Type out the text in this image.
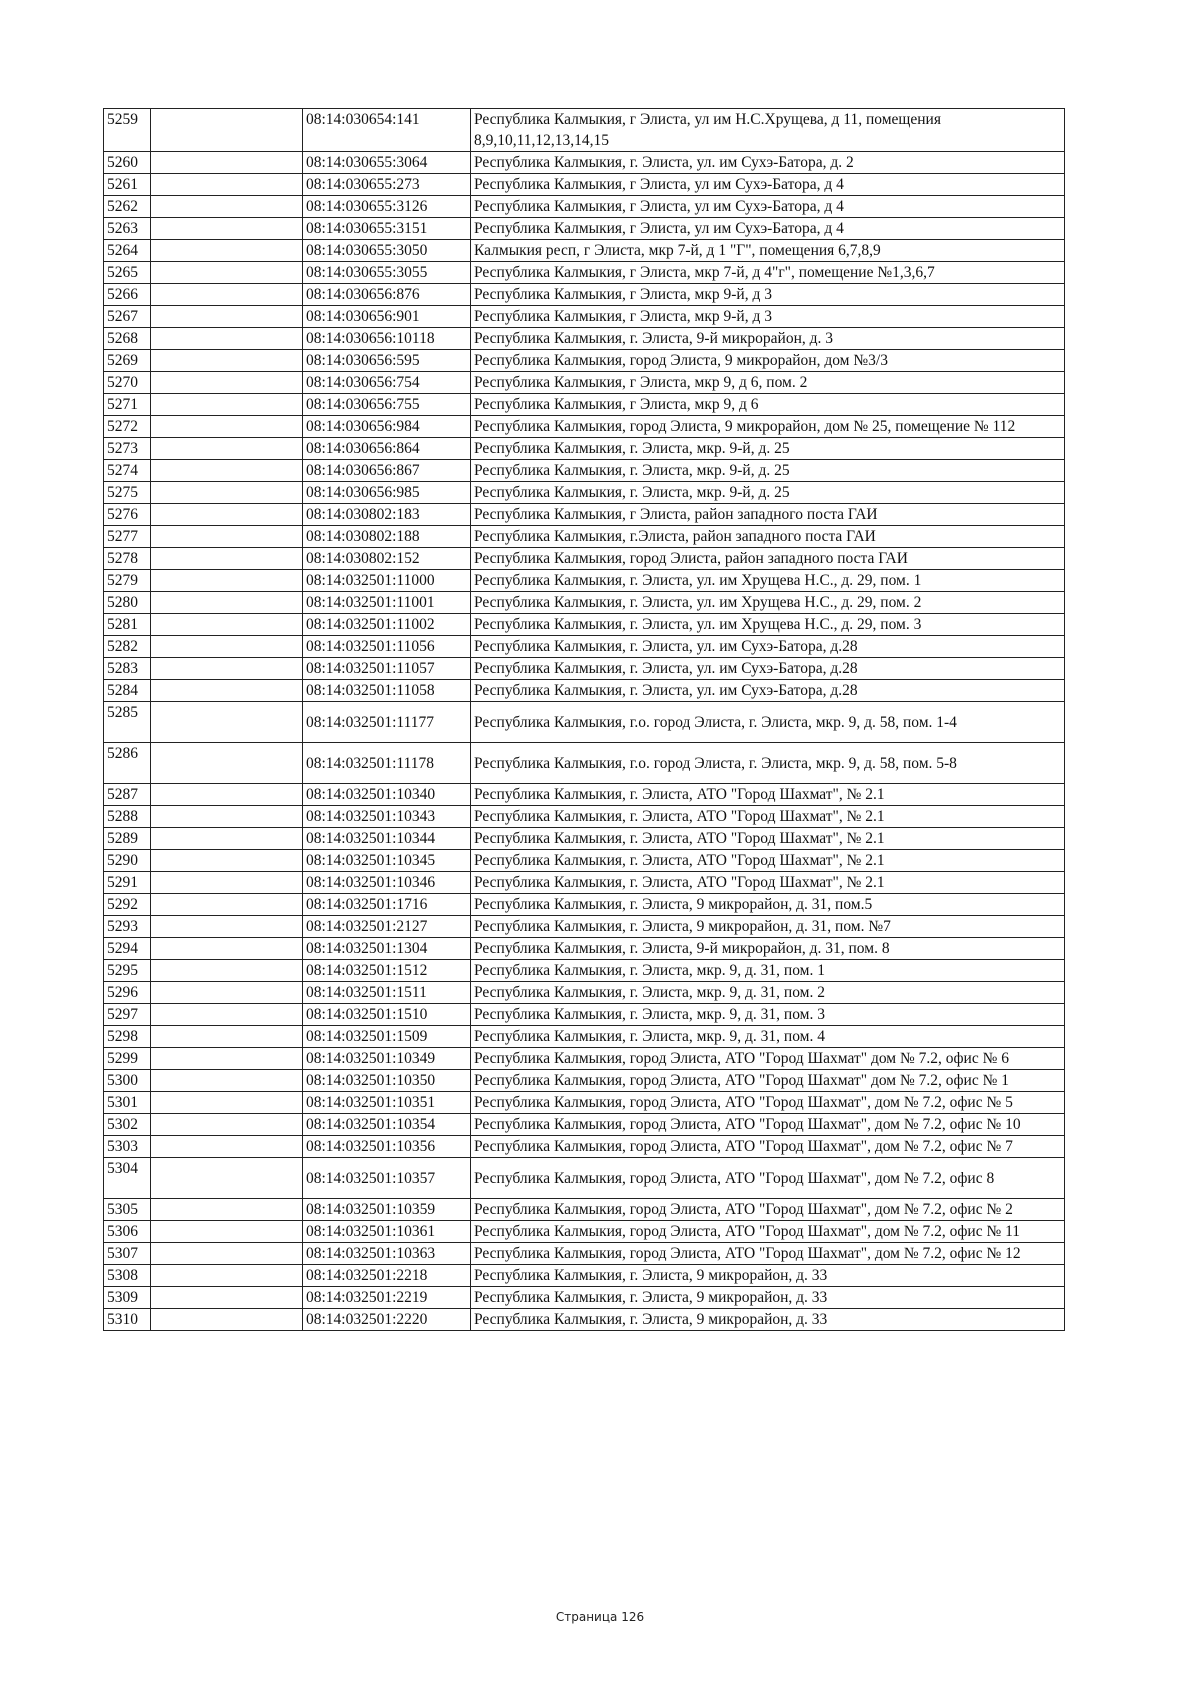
5259		08:14:030654:141	Республика Калмыкия, г Элиста, ул им Н.С.Хрущева, д 11, помещения 8,9,10,11,12,13,14,15
5260		08:14:030655:3064	Республика Калмыкия, г. Элиста, ул. им Сухэ-Батора, д. 2
5261		08:14:030655:273	Республика Калмыкия, г Элиста, ул им Сухэ-Батора, д 4
5262		08:14:030655:3126	Республика Калмыкия, г Элиста, ул им Сухэ-Батора, д 4
5263		08:14:030655:3151	Республика Калмыкия, г Элиста, ул им Сухэ-Батора, д 4
5264		08:14:030655:3050	Калмыкия респ, г Элиста, мкр 7-й, д 1 "Г", помещения 6,7,8,9
5265		08:14:030655:3055	Республика Калмыкия, г Элиста, мкр 7-й, д 4"г", помещение №1,3,6,7
5266		08:14:030656:876	Республика Калмыкия, г Элиста, мкр 9-й, д 3
5267		08:14:030656:901	Республика Калмыкия, г Элиста, мкр 9-й, д 3
5268		08:14:030656:10118	Республика Калмыкия, г. Элиста, 9-й микрорайон, д. 3
5269		08:14:030656:595	Республика Калмыкия, город Элиста, 9 микрорайон, дом №3/3
5270		08:14:030656:754	Республика Калмыкия, г Элиста, мкр 9, д 6, пом. 2
5271		08:14:030656:755	Республика Калмыкия, г Элиста, мкр 9, д 6
5272		08:14:030656:984	Республика Калмыкия, город Элиста, 9 микрорайон, дом № 25, помещение № 112
5273		08:14:030656:864	Республика Калмыкия, г. Элиста, мкр. 9-й, д. 25
5274		08:14:030656:867	Республика Калмыкия, г. Элиста, мкр. 9-й, д. 25
5275		08:14:030656:985	Республика Калмыкия, г. Элиста, мкр. 9-й, д. 25
5276		08:14:030802:183	Республика Калмыкия, г Элиста, район западного поста ГАИ
5277		08:14:030802:188	Республика Калмыкия, г.Элиста, район западного поста ГАИ
5278		08:14:030802:152	Республика Калмыкия, город Элиста, район западного поста ГАИ
5279		08:14:032501:11000	Республика Калмыкия, г. Элиста, ул. им Хрущева Н.С., д. 29, пом. 1
5280		08:14:032501:11001	Республика Калмыкия, г. Элиста, ул. им Хрущева Н.С., д. 29, пом. 2
5281		08:14:032501:11002	Республика Калмыкия, г. Элиста, ул. им Хрущева Н.С., д. 29, пом. 3
5282		08:14:032501:11056	Республика Калмыкия, г. Элиста, ул. им Сухэ-Батора, д.28
5283		08:14:032501:11057	Республика Калмыкия, г. Элиста, ул. им Сухэ-Батора, д.28
5284		08:14:032501:11058	Республика Калмыкия, г. Элиста, ул. им Сухэ-Батора, д.28
5285		08:14:032501:11177	Республика Калмыкия, г.о. город Элиста, г. Элиста, мкр. 9, д. 58, пом. 1-4
5286		08:14:032501:11178	Республика Калмыкия, г.о. город Элиста, г. Элиста, мкр. 9, д. 58, пом. 5-8
5287		08:14:032501:10340	Республика Калмыкия, г. Элиста, АТО "Город Шахмат", № 2.1
5288		08:14:032501:10343	Республика Калмыкия, г. Элиста, АТО "Город Шахмат", № 2.1
5289		08:14:032501:10344	Республика Калмыкия, г. Элиста, АТО "Город Шахмат", № 2.1
5290		08:14:032501:10345	Республика Калмыкия, г. Элиста, АТО "Город Шахмат", № 2.1
5291		08:14:032501:10346	Республика Калмыкия, г. Элиста, АТО "Город Шахмат", № 2.1
5292		08:14:032501:1716	Республика Калмыкия, г. Элиста, 9 микрорайон, д. 31, пом.5
5293		08:14:032501:2127	Республика Калмыкия, г. Элиста, 9 микрорайон, д. 31, пом. №7
5294		08:14:032501:1304	Республика Калмыкия, г. Элиста, 9-й микрорайон, д. 31, пом. 8
5295		08:14:032501:1512	Республика Калмыкия, г. Элиста, мкр. 9, д. 31, пом. 1
5296		08:14:032501:1511	Республика Калмыкия, г. Элиста, мкр. 9, д. 31, пом. 2
5297		08:14:032501:1510	Республика Калмыкия, г. Элиста, мкр. 9, д. 31, пом. 3
5298		08:14:032501:1509	Республика Калмыкия, г. Элиста, мкр. 9, д. 31, пом. 4
5299		08:14:032501:10349	Республика Калмыкия, город Элиста, АТО "Город Шахмат" дом № 7.2, офис № 6
5300		08:14:032501:10350	Республика Калмыкия, город Элиста, АТО "Город Шахмат" дом № 7.2, офис № 1
5301		08:14:032501:10351	Республика Калмыкия, город Элиста, АТО "Город Шахмат", дом № 7.2, офис № 5
5302		08:14:032501:10354	Республика Калмыкия, город Элиста, АТО "Город Шахмат", дом № 7.2, офис № 10
5303		08:14:032501:10356	Республика Калмыкия, город Элиста, АТО "Город Шахмат", дом № 7.2, офис № 7
5304		08:14:032501:10357	Республика Калмыкия, город Элиста, АТО "Город Шахмат", дом № 7.2, офис 8
5305		08:14:032501:10359	Республика Калмыкия, город Элиста, АТО "Город Шахмат", дом № 7.2, офис № 2
5306		08:14:032501:10361	Республика Калмыкия, город Элиста, АТО "Город Шахмат", дом № 7.2, офис № 11
5307		08:14:032501:10363	Республика Калмыкия, город Элиста, АТО "Город Шахмат", дом № 7.2, офис № 12
5308		08:14:032501:2218	Республика Калмыкия, г. Элиста, 9 микрорайон, д. 33
5309		08:14:032501:2219	Республика Калмыкия, г. Элиста, 9 микрорайон, д. 33
5310		08:14:032501:2220	Республика Калмыкия, г. Элиста, 9 микрорайон, д. 33
Страница 126
